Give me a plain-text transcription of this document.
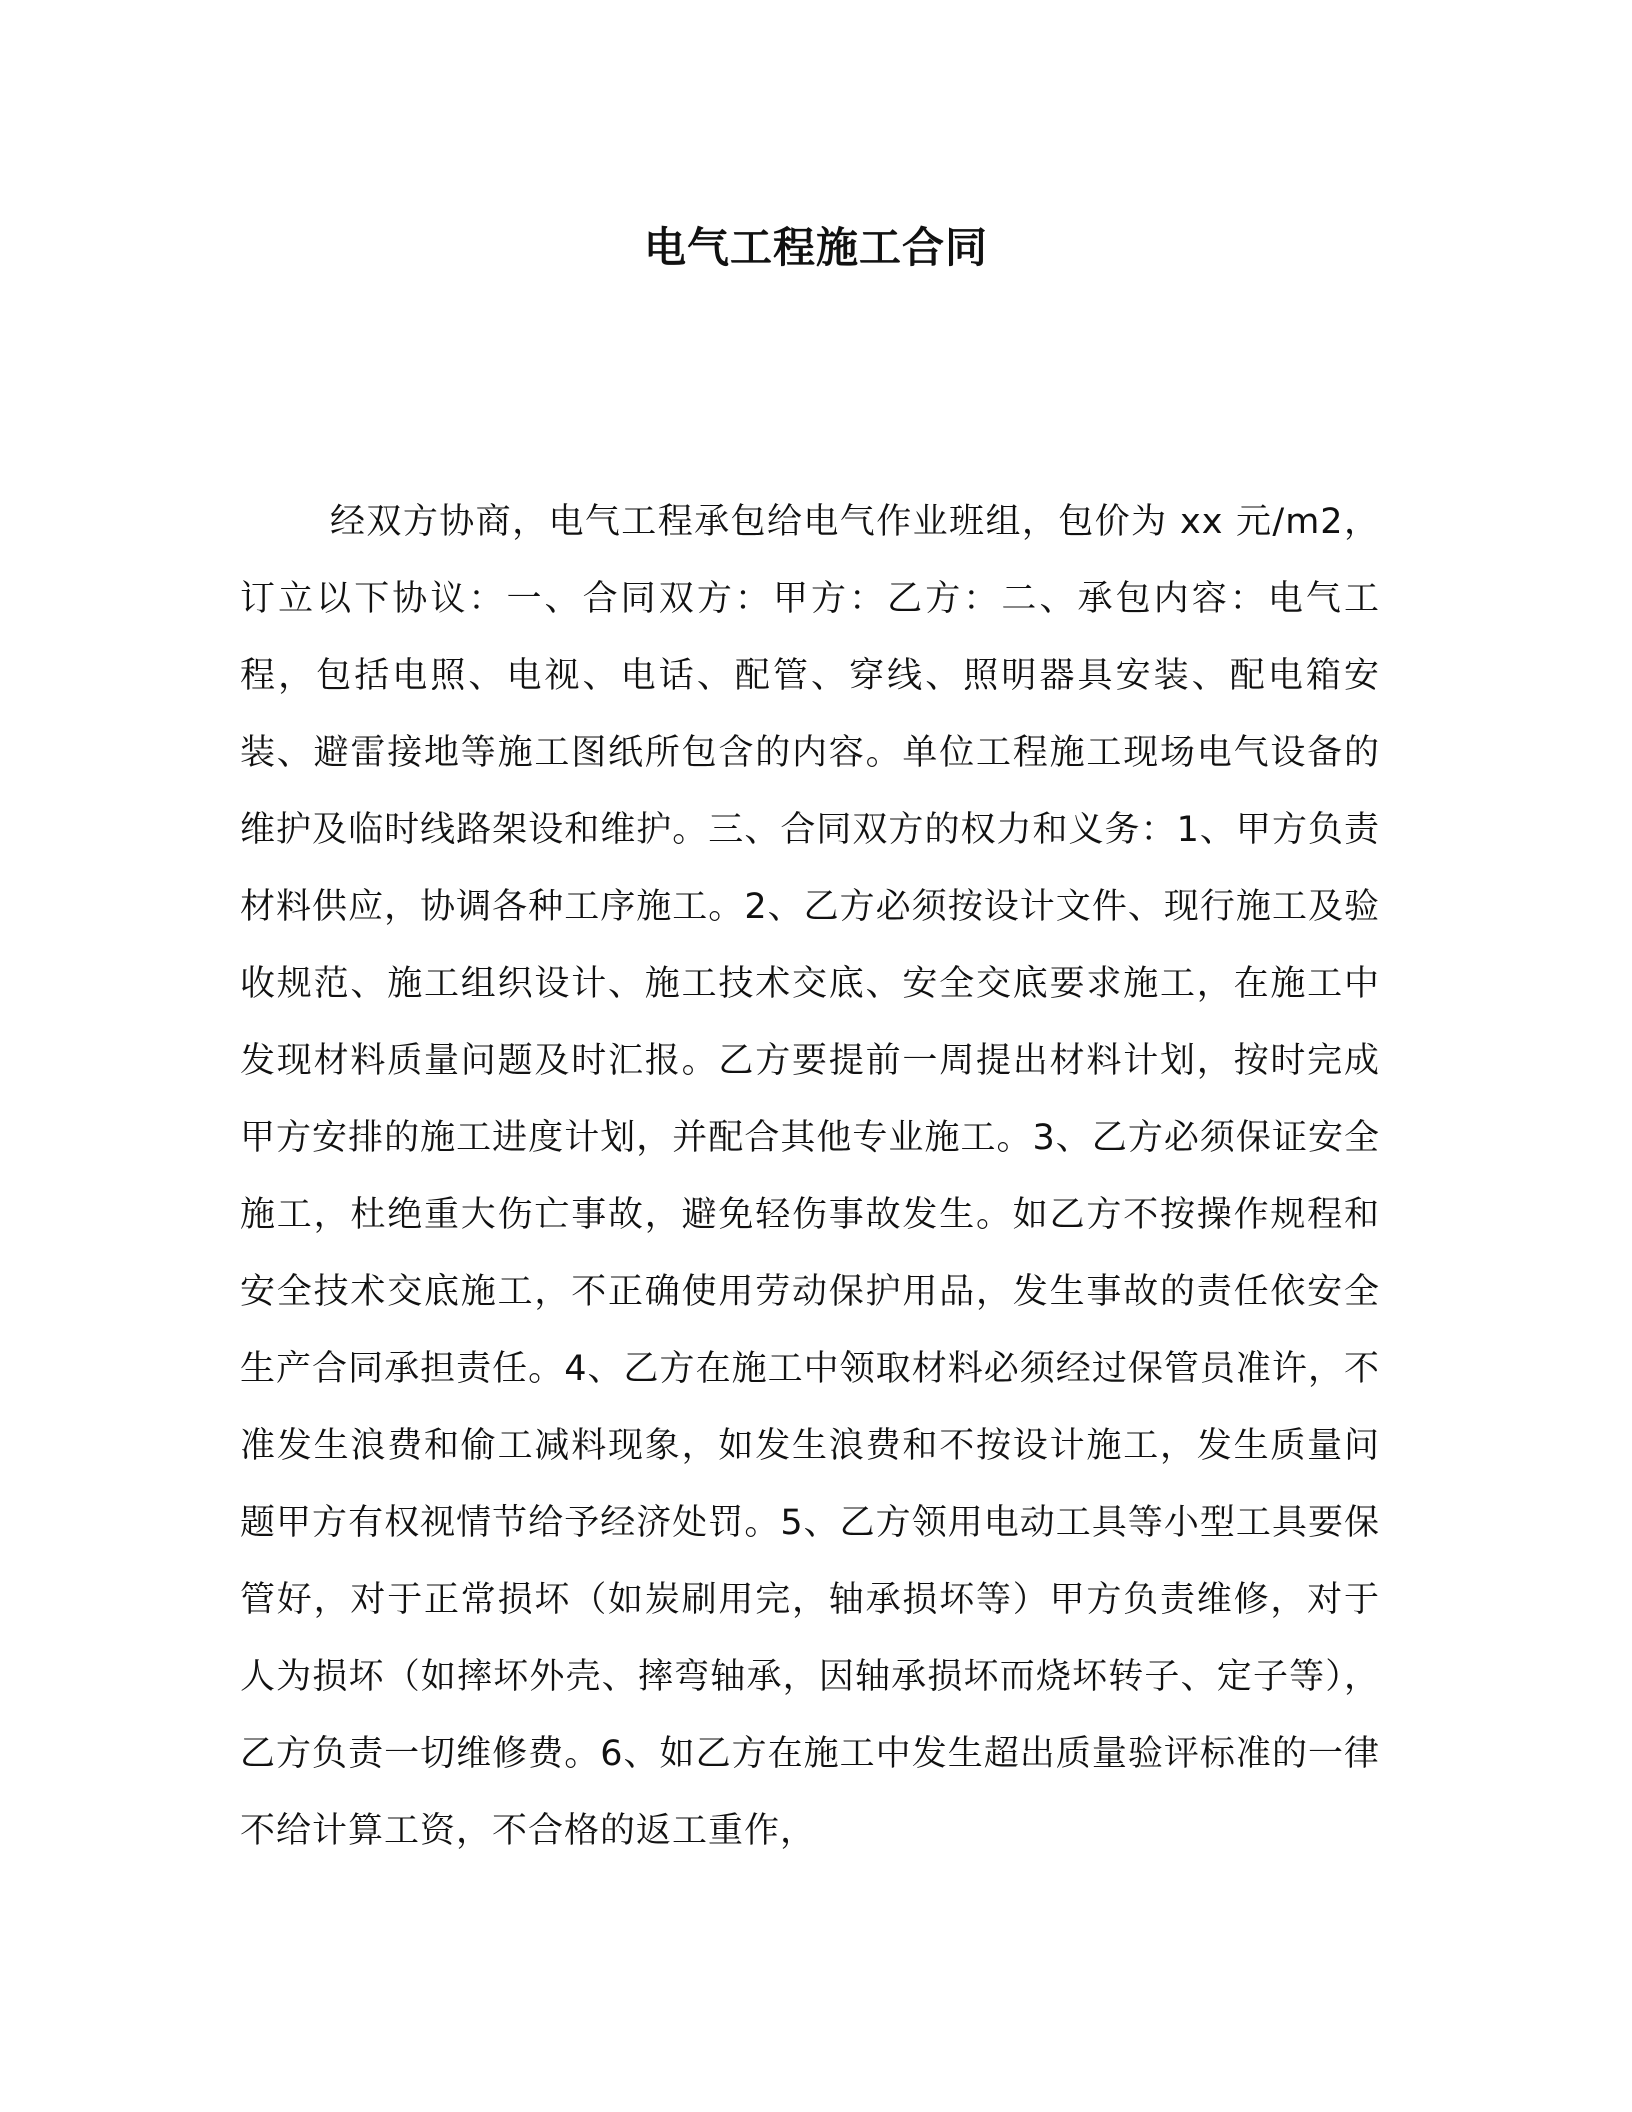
电气工程施工合同

经双方协商，电气工程承包给电气作业班组，包价为 xx 元/m2，订立以下协议：一、合同双方：甲方：乙方：二、承包内容：电气工程，包括电照、电视、电话、配管、穿线、照明器具安装、配电箱安装、避雷接地等施工图纸所包含的内容。单位工程施工现场电气设备的维护及临时线路架设和维护。三、合同双方的权力和义务：1、甲方负责材料供应，协调各种工序施工。2、乙方必须按设计文件、现行施工及验收规范、施工组织设计、施工技术交底、安全交底要求施工，在施工中发现材料质量问题及时汇报。乙方要提前一周提出材料计划，按时完成甲方安排的施工进度计划，并配合其他专业施工。3、乙方必须保证安全施工，杜绝重大伤亡事故，避免轻伤事故发生。如乙方不按操作规程和安全技术交底施工，不正确使用劳动保护用品，发生事故的责任依安全生产合同承担责任。4、乙方在施工中领取材料必须经过保管员准许，不准发生浪费和偷工减料现象，如发生浪费和不按设计施工，发生质量问题甲方有权视情节给予经济处罚。5、乙方领用电动工具等小型工具要保管好，对于正常损坏（如炭刷用完，轴承损坏等）甲方负责维修，对于人为损坏（如摔坏外壳、摔弯轴承，因轴承损坏而烧坏转子、定子等），乙方负责一切维修费。6、如乙方在施工中发生超出质量验评标准的一律不给计算工资，不合格的返工重作，
